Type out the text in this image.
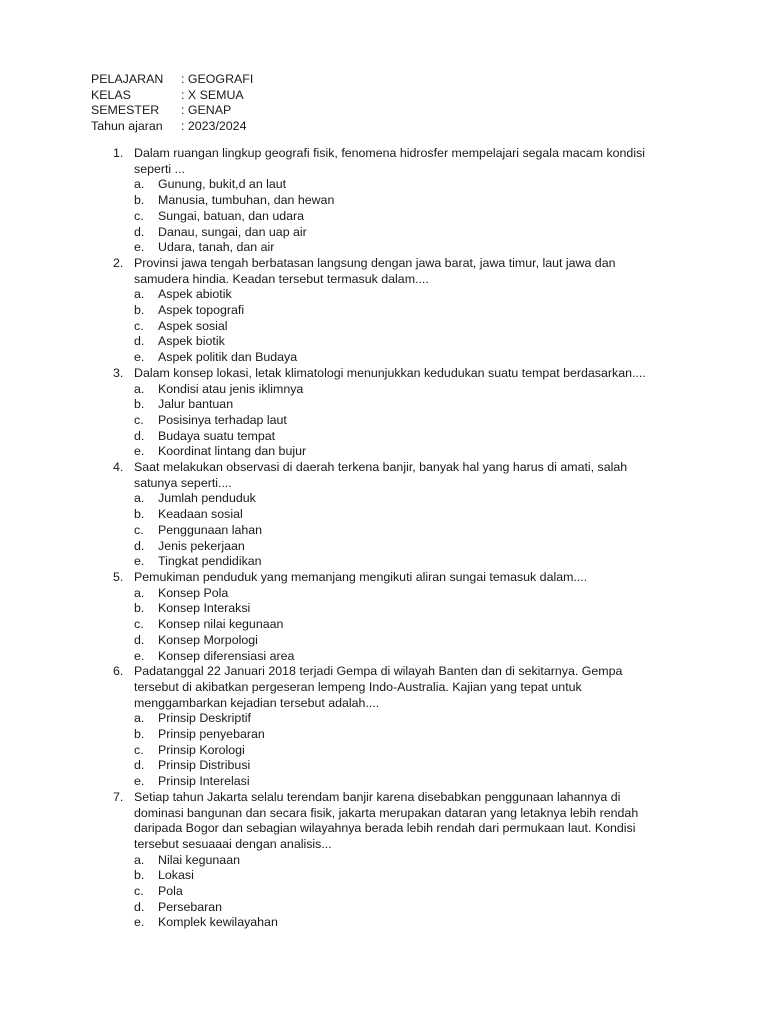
PELAJARAN	: GEOGRAFI
KELAS	: X SEMUA
SEMESTER	: GENAP
Tahun ajaran	: 2023/2024
1. Dalam ruangan lingkup geografi fisik, fenomena hidrosfer mempelajari segala macam kondisi seperti ...
a. Gunung, bukit,d an laut
b. Manusia, tumbuhan, dan hewan
c. Sungai, batuan, dan udara
d. Danau, sungai, dan uap air
e. Udara, tanah, dan air
2. Provinsi jawa tengah berbatasan langsung dengan jawa barat, jawa timur, laut jawa dan samudera hindia. Keadan tersebut termasuk dalam....
a. Aspek abiotik
b. Aspek topografi
c. Aspek sosial
d. Aspek biotik
e. Aspek politik dan Budaya
3. Dalam konsep lokasi, letak klimatologi menunjukkan kedudukan suatu tempat berdasarkan....
a. Kondisi atau jenis iklimnya
b. Jalur bantuan
c. Posisinya terhadap laut
d. Budaya suatu tempat
e. Koordinat lintang dan bujur
4. Saat melakukan observasi di daerah terkena banjir, banyak hal yang harus di amati, salah satunya seperti....
a. Jumlah penduduk
b. Keadaan sosial
c. Penggunaan lahan
d. Jenis pekerjaan
e. Tingkat pendidikan
5. Pemukiman penduduk yang memanjang mengikuti aliran sungai temasuk dalam....
a. Konsep Pola
b. Konsep Interaksi
c. Konsep nilai kegunaan
d. Konsep Morpologi
e. Konsep diferensiasi area
6. Padatanggal 22 Januari 2018 terjadi Gempa di wilayah Banten dan di sekitarnya. Gempa tersebut di akibatkan pergeseran lempeng Indo-Australia. Kajian yang tepat untuk menggambarkan kejadian tersebut adalah....
a. Prinsip Deskriptif
b. Prinsip penyebaran
c. Prinsip Korologi
d. Prinsip Distribusi
e. Prinsip Interelasi
7. Setiap tahun Jakarta selalu terendam banjir karena disebabkan penggunaan lahannya di dominasi bangunan dan secara fisik, jakarta merupakan dataran yang letaknya lebih rendah daripada Bogor dan sebagian wilayahnya berada lebih rendah dari permukaan laut. Kondisi tersebut sesuaaai dengan analisis...
a. Nilai kegunaan
b. Lokasi
c. Pola
d. Persebaran
e. Komplek kewilayahan
